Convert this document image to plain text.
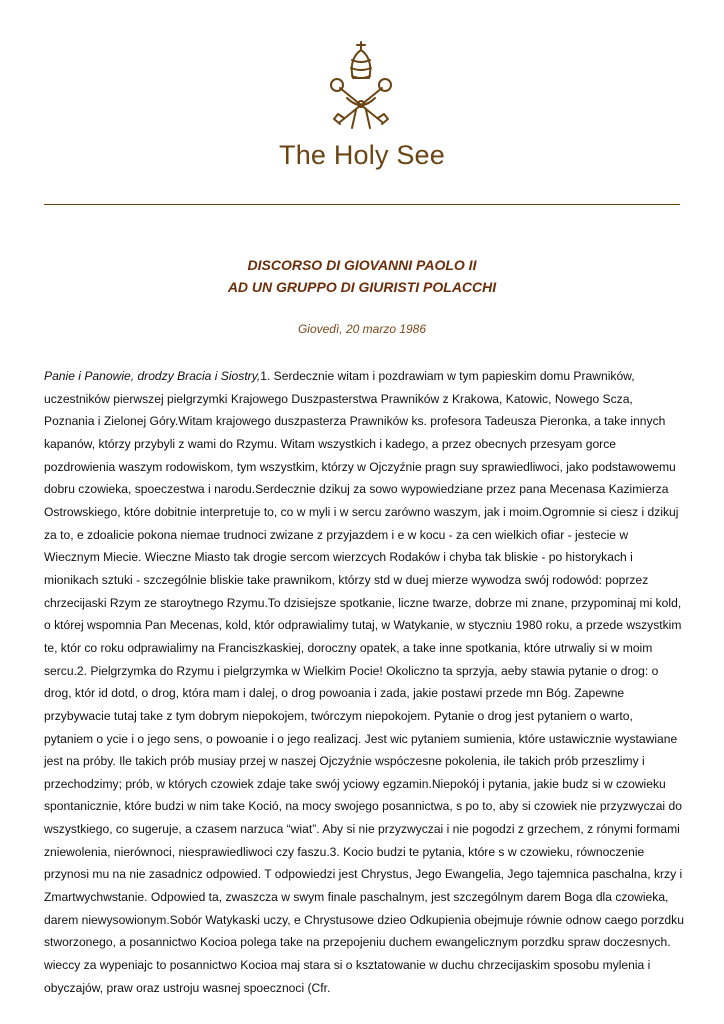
The Holy See
DISCORSO DI GIOVANNI PAOLO II
AD UN GRUPPO DI GIURISTI POLACCHI
Giovedì, 20 marzo 1986
Panie i Panowie, drodzy Bracia i Siostry,1. Serdecznie witam i pozdrawiam w tym papieskim domu Prawników, uczestników pierwszej pielgrzymki Krajowego Duszpasterstwa Prawników z Krakowa, Katowic, Nowego Scza, Poznania i Zielonej Góry.Witam krajowego duszpasterza Prawników ks. profesora Tadeusza Pieronka, a take innych kapanów, którzy przybyli z wami do Rzymu. Witam wszystkich i kadego, a przez obecnych przesyam gorce pozdrowienia waszym rodowiskom, tym wszystkim, którzy w Ojczyźnie pragn suy sprawiedliwoci, jako podstawowemu dobru czowieka, spoeczestwa i narodu.Serdecznie dzikuj za sowo wypowiedziane przez pana Mecenasa Kazimierza Ostrowskiego, które dobitnie interpretuje to, co w myli i w sercu zarówno waszym, jak i moim.Ogromnie si ciesz i dzikuj za to, e zdoalicie pokona niemae trudnoci zwizane z przyjazdem i e w kocu - za cen wielkich ofiar - jestecie w Wiecznym Miecie. Wieczne Miasto tak drogie sercom wierzcych Rodaków i chyba tak bliskie - po historykach i mionikach sztuki - szczególnie bliskie take prawnikom, którzy std w duej mierze wywodza swój rodowód: poprzez chrzecijaski Rzym ze staroytnego Rzymu.To dzisiejsze spotkanie, liczne twarze, dobrze mi znane, przypominaj mi kold, o której wspomnia Pan Mecenas, kold, któr odprawialimy tutaj, w Watykanie, w styczniu 1980 roku, a przede wszystkim te, któr co roku odprawialimy na Franciszkaskiej, doroczny opatek, a take inne spotkania, które utrwaliy si w moim sercu.2. Pielgrzymka do Rzymu i pielgrzymka w Wielkim Pocie! Okoliczno ta sprzyja, aeby stawia pytanie o drog: o drog, któr id dotd, o drog, która mam i dalej, o drog powoania i zada, jakie postawi przede mn Bóg. Zapewne przybywacie tutaj take z tym dobrym niepokojem, twórczym niepokojem. Pytanie o drog jest pytaniem o warto, pytaniem o ycie i o jego sens, o powoanie i o jego realizacj. Jest wic pytaniem sumienia, które ustawicznie wystawiane jest na próby. Ile takich prób musiay przej w naszej Ojczyźnie wspóczesne pokolenia, ile takich prób przeszlimy i przechodzimy; prób, w których czowiek zdaje take swój yciowy egzamin.Niepokój i pytania, jakie budz si w czowieku spontanicznie, które budzi w nim take Koció, na mocy swojego posannictwa, s po to, aby si czowiek nie przyzwyczai do wszystkiego, co sugeruje, a czasem narzuca “wiat”. Aby si nie przyzwyczai i nie pogodzi z grzechem, z rónymi formami zniewolenia, nierównoci, niesprawiedliwoci czy faszu.3. Kocio budzi te pytania, które s w czowieku, równoczenie przynosi mu na nie zasadnicz odpowied. T odpowiedzi jest Chrystus, Jego Ewangelia, Jego tajemnica paschalna, krzy i Zmartwychwstanie. Odpowied ta, zwaszcza w swym finale paschalnym, jest szczególnym darem Boga dla czowieka, darem niewysowionym.Sobór Watykaski uczy, e Chrystusowe dzieo Odkupienia obejmuje równie odnow caego porzdku stworzonego, a posannictwo Kocioa polega take na przepojeniu duchem ewangelicznym porzdku spraw doczesnych. wieccy za wypeniajc to posannictwo Kocioa maj stara si o ksztatowanie w duchu chrzecijaskim sposobu mylenia i obyczajów, praw oraz ustroju wasnej spoecznoci (Cfr.
